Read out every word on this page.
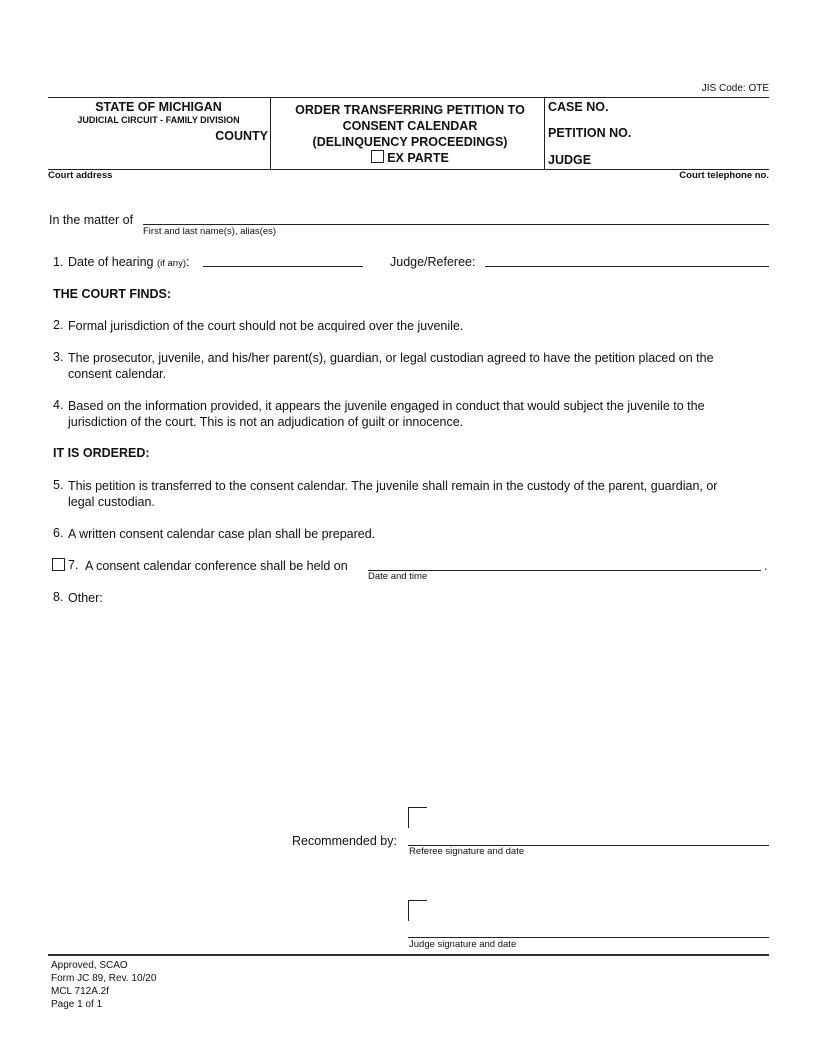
JIS Code: OTE
STATE OF MICHIGAN
JUDICIAL CIRCUIT - FAMILY DIVISION
COUNTY
ORDER TRANSFERRING PETITION TO
CONSENT CALENDAR
(DELINQUENCY PROCEEDINGS)
EX PARTE
CASE NO.
PETITION NO.
JUDGE
Court address	Court telephone no.
In the matter of
First and last name(s), alias(es)
1. Date of hearing (if any):	Judge/Referee:
THE COURT FINDS:
2. Formal jurisdiction of the court should not be acquired over the juvenile.
3. The prosecutor, juvenile, and his/her parent(s), guardian, or legal custodian agreed to have the petition placed on the
consent calendar.
4. Based on the information provided, it appears the juvenile engaged in conduct that would subject the juvenile to the
jurisdiction of the court. This is not an adjudication of guilt or innocence.
IT IS ORDERED:
5. This petition is transferred to the consent calendar. The juvenile shall remain in the custody of the parent, guardian, or
legal custodian.
6. A written consent calendar case plan shall be prepared.
7. A consent calendar conference shall be held on	.
Date and time
8. Other:
Recommended by:
Referee signature and date
Judge signature and date
Approved, SCAO
Form JC 89, Rev. 10/20
MCL 712A.2f
Page 1 of 1
